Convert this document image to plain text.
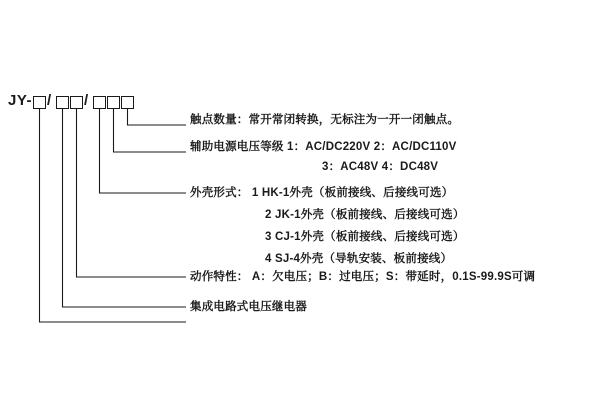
JY- / /
触点数量：常开常闭转换，无标注为一开一闭触点。
辅助电源电压等级 1：AC/DC220V 2：AC/DC110V
3：AC48V 4：DC48V
外壳形式： 1 HK-1外壳（板前接线、后接线可选）
2 JK-1外壳（板前接线、后接线可选）
3 CJ-1外壳（板前接线、后接线可选）
4 SJ-4外壳（导轨安装、板前接线）
动作特性： A：欠电压；B：过电压；S：带延时，0.1S-99.9S可调
集成电路式电压继电器
